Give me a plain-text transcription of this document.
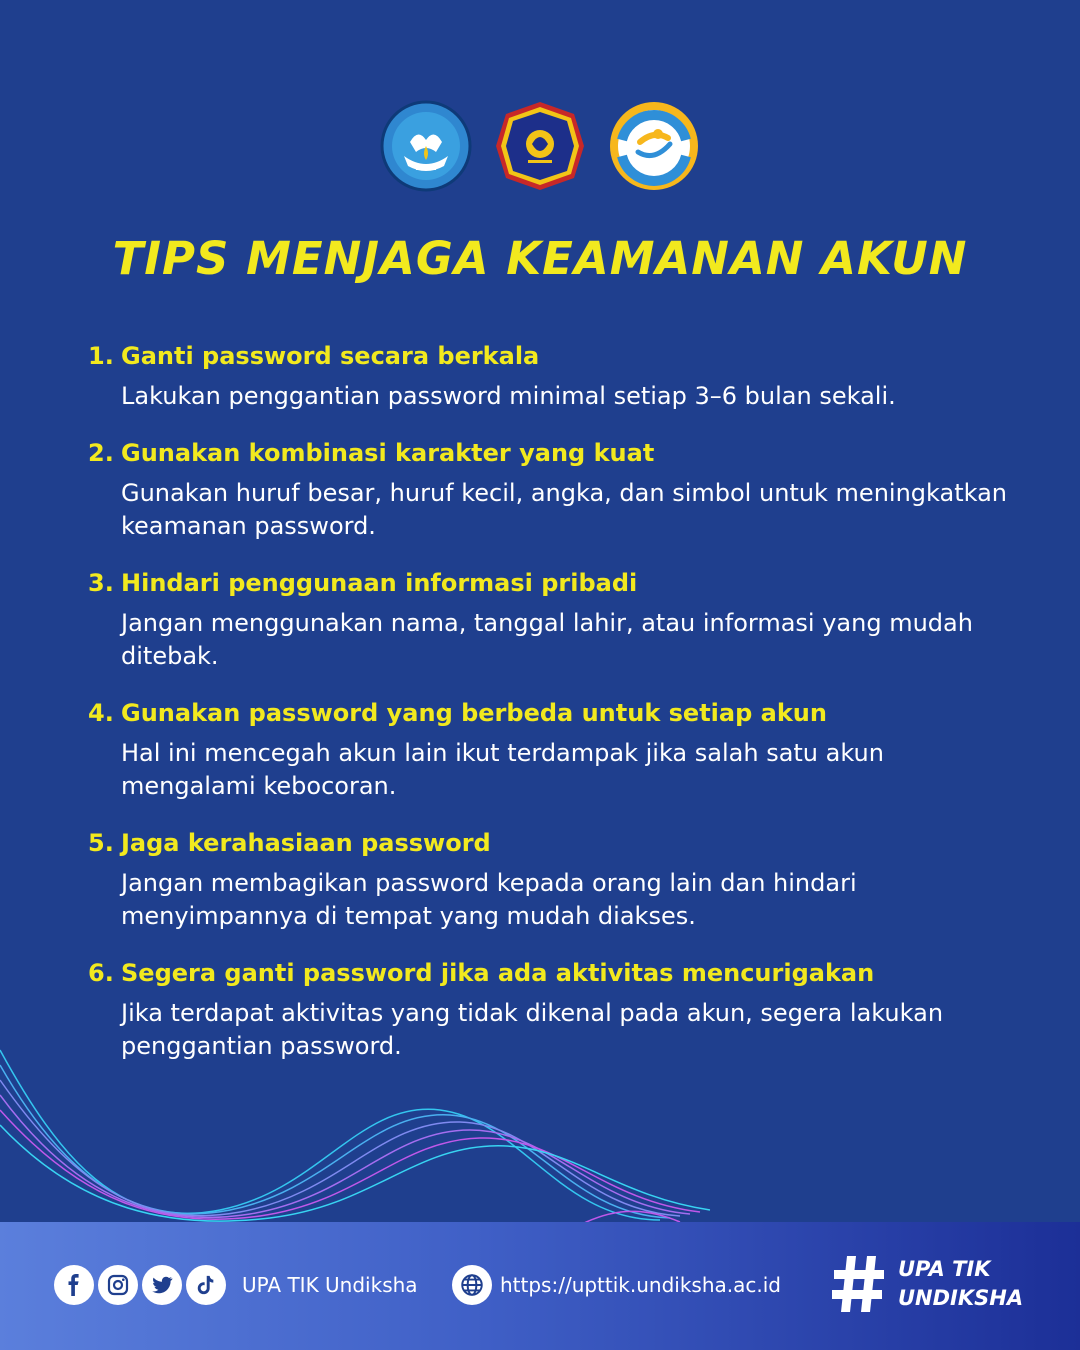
TIPS MENJAGA KEAMANAN AKUN
1. Ganti password secara berkala
Lakukan penggantian password minimal setiap 3–6 bulan sekali.
2. Gunakan kombinasi karakter yang kuat
Gunakan huruf besar, huruf kecil, angka, dan simbol untuk meningkatkan keamanan password.
3. Hindari penggunaan informasi pribadi
Jangan menggunakan nama, tanggal lahir, atau informasi yang mudah ditebak.
4. Gunakan password yang berbeda untuk setiap akun
Hal ini mencegah akun lain ikut terdampak jika salah satu akun mengalami kebocoran.
5. Jaga kerahasiaan password
Jangan membagikan password kepada orang lain dan hindari menyimpannya di tempat yang mudah diakses.
6. Segera ganti password jika ada aktivitas mencurigakan
Jika terdapat aktivitas yang tidak dikenal pada akun, segera lakukan penggantian password.
UPA TIK Undiksha	https://upttik.undiksha.ac.id
UPA TIK
UNDIKSHA
